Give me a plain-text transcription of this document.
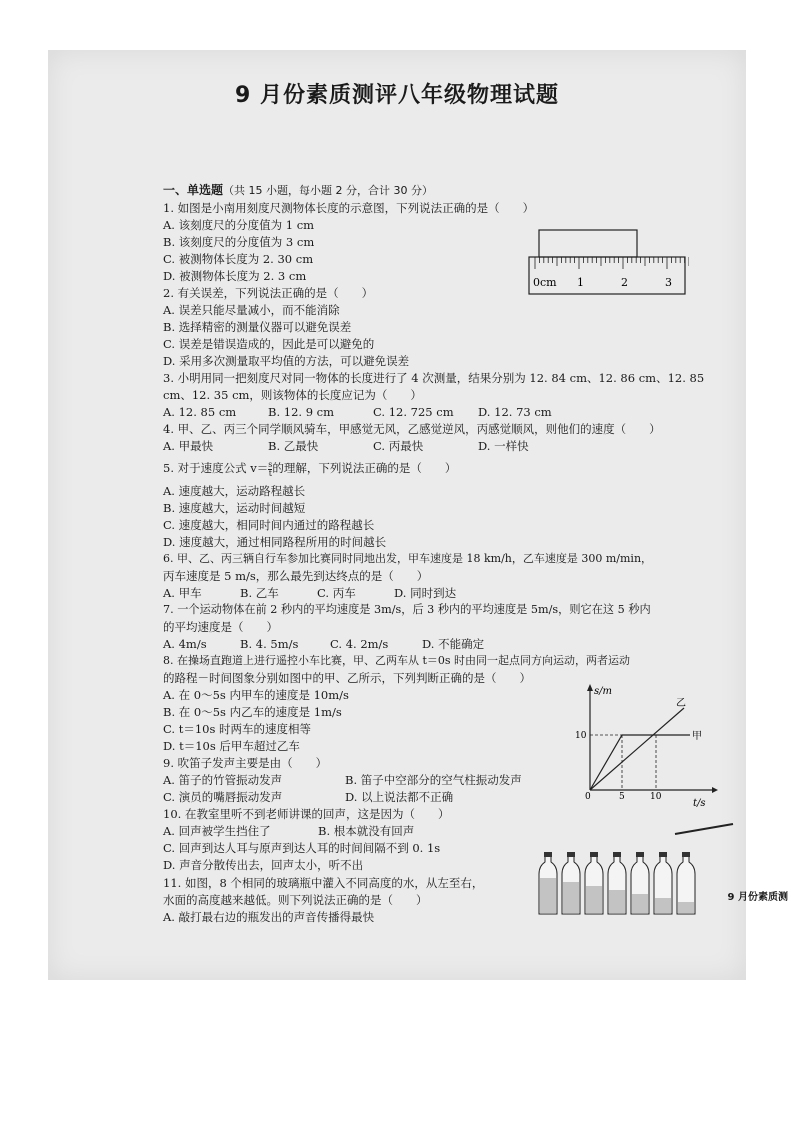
9 月份素质测评八年级物理试题
一、单选题（共 15 小题，每小题 2 分，合计 30 分）
1. 如图是小南用刻度尺测物体长度的示意图，下列说法正确的是（　　）
A. 该刻度尺的分度值为 1 cm
B. 该刻度尺的分度值为 3 cm
C. 被测物体长度为 2. 30 cm
D. 被测物体长度为 2. 3 cm	0cm 1	2	3
2. 有关误差，下列说法正确的是（　　）
A. 误差只能尽量减小，而不能消除
B. 选择精密的测量仪器可以避免误差
C. 误差是错误造成的，因此是可以避免的
D. 采用多次测量取平均值的方法，可以避免误差
3. 小明用同一把刻度尺对同一物体的长度进行了 4 次测量，结果分别为 12. 84 cm、12. 86 cm、12. 85
cm、12. 35 cm，则该物体的长度应记为（　　）
A. 12. 85 cm	B. 12. 9 cm	C. 12. 725 cm D. 12. 73 cm
4. 甲、乙、丙三个同学顺风骑车，甲感觉无风，乙感觉逆风，丙感觉顺风，则他们的速度（　　）
A. 甲最快	B. 乙最快	C. 丙最快	D. 一样快
5. 对于速度公式 $v= \frac{s}{t}$ 的理解，下列说法正确的是（　　）
A. 速度越大，运动路程越长
B. 速度越大，运动时间越短
C. 速度越大，相同时间内通过的路程越长
D. 速度越大，通过相同路程所用的时间越长
6. 甲、乙、丙三辆自行车参加比赛同时同地出发，甲车速度是 18 km/h，乙车速度是 300 m/min，
丙车速度是 5 m/s，那么最先到达终点的是（　　）
A. 甲车	B. 乙车	C. 丙车	D. 同时到达
7. 一个运动物体在前 2 秒内的平均速度是 3m/s，后 3 秒内的平均速度是 5m/s，则它在这 5 秒内
的平均速度是（　　）
A. 4m/s	B. 4. 5m/s	C. 4. 2m/s	D. 不能确定
8. 在操场直跑道上进行遥控小车比赛，甲、乙两车从 t＝0s 时由同一起点同方向运动，两者运动
的路程－时间图象分别如图中的甲、乙所示，下列判断正确的是（　　）
A. 在 0～5s 内甲车的速度是 10m/s
B. 在 0～5s 内乙车的速度是 1m/s
C. t＝10s 时两车的速度相等
D. t＝10s 后甲车超过乙车
s/m
t/s
10
0	5	10
甲
乙
9. 吹笛子发声主要是由（　　）
A. 笛子的竹管振动发声	B. 笛子中空部分的空气柱振动发声
C. 演员的嘴唇振动发声	D. 以上说法都不正确
10. 在教室里听不到老师讲课的回声，这是因为（　　）
A. 回声被学生挡住了	B. 根本就没有回声
C. 回声到达人耳与原声到达人耳的时间间隔不到 0. 1s
D. 声音分散传出去，回声太小，听不出
11. 如图，8 个相同的玻璃瓶中灌入不同高度的水，从左至右，
水面的高度越来越低。则下列说法正确的是（　　）
A. 敲打最右边的瓶发出的声音传播得最快
9 月份素质测
